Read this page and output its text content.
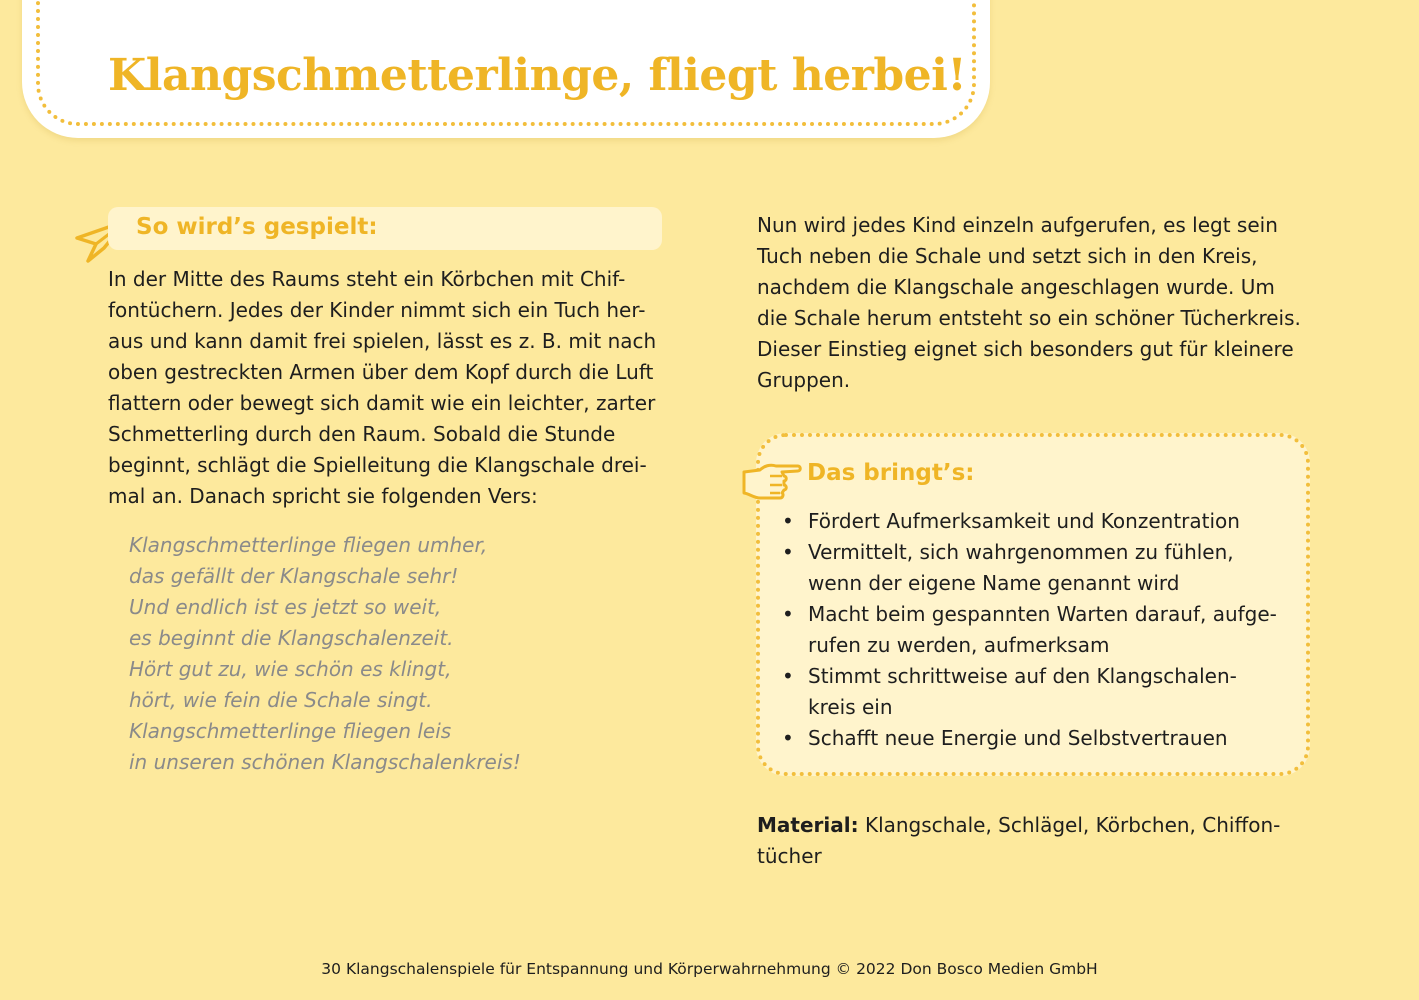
Klangschmetterlinge, fliegt herbei!
So wird’s gespielt:
In der Mitte des Raums steht ein Körbchen mit Chif-
fontüchern. Jedes der Kinder nimmt sich ein Tuch her-
aus und kann damit frei spielen, lässt es z. B. mit nach
oben gestreckten Armen über dem Kopf durch die Luft
flattern oder bewegt sich damit wie ein leichter, zarter
Schmetterling durch den Raum. Sobald die Stunde
beginnt, schlägt die Spielleitung die Klangschale drei-
mal an. Danach spricht sie folgenden Vers:
Klangschmetterlinge fliegen umher,
das gefällt der Klangschale sehr!
Und endlich ist es jetzt so weit,
es beginnt die Klangschalenzeit.
Hört gut zu, wie schön es klingt,
hört, wie fein die Schale singt.
Klangschmetterlinge fliegen leis
in unseren schönen Klangschalenkreis!
Nun wird jedes Kind einzeln aufgerufen, es legt sein
Tuch neben die Schale und setzt sich in den Kreis,
nachdem die Klangschale angeschlagen wurde. Um
die Schale herum entsteht so ein schöner Tücherkreis.
Dieser Einstieg eignet sich besonders gut für kleinere
Gruppen.
Das bringt’s:
• Fördert Aufmerksamkeit und Konzentration
• Vermittelt, sich wahrgenommen zu fühlen,
wenn der eigene Name genannt wird
• Macht beim gespannten Warten darauf, aufge-
rufen zu werden, aufmerksam
• Stimmt schrittweise auf den Klangschalen-
kreis ein
• Schafft neue Energie und Selbstvertrauen
Material: Klangschale, Schlägel, Körbchen, Chiffon-
tücher
30 Klangschalenspiele für Entspannung und Körperwahrnehmung © 2022 Don Bosco Medien GmbH
